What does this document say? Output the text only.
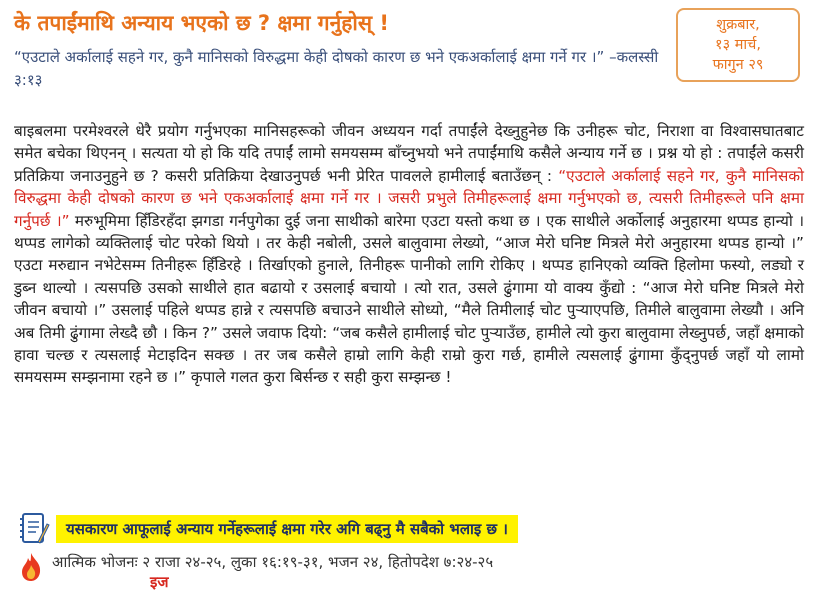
के तपाईंमाथि अन्याय भएको छ ? क्षमा गर्नुहोस् !	शुक्रबार,
१३ मार्च,
फागुन २९
“एउटाले अर्कालाई सहने गर, कुनै मानिसको विरुद्धमा केही दोषको कारण छ भने एकअर्कालाई क्षमा गर्ने गर ।” –कलस्सी ३:१३
बाइबलमा परमेश्वरले धेरै प्रयोग गर्नुभएका मानिसहरूको जीवन अध्ययन गर्दा तपाईंले देख्नुहुनेछ कि उनीहरू चोट, निराशा वा विश्वासघातबाट समेत बचेका थिएनन् । सत्यता यो हो कि यदि तपाईं लामो समयसम्म बाँच्नुभयो भने तपाईंमाथि कसैले अन्याय गर्ने छ । प्रश्न यो हो : तपाईंले कसरी प्रतिक्रिया जनाउनुहुने छ ? कसरी प्रतिक्रिया देखाउनुपर्छ भनी प्रेरित पावलले हामीलाई बताउँछन् : “एउटाले अर्कालाई सहने गर, कुनै मानिसको विरुद्धमा केही दोषको कारण छ भने एकअर्कालाई क्षमा गर्ने गर । जसरी प्रभुले तिमीहरूलाई क्षमा गर्नुभएको छ, त्यसरी तिमीहरूले पनि क्षमा गर्नुपर्छ ।” मरुभूमिमा हिँडिरहँदा झगडा गर्नपुगेका दुई जना साथीको बारेमा एउटा यस्तो कथा छ । एक साथीले अर्कोलाई अनुहारमा थप्पड हान्यो । थप्पड लागेको व्यक्तिलाई चोट परेको थियो । तर केही नबोली, उसले बालुवामा लेख्यो, “आज मेरो घनिष्ट मित्रले मेरो अनुहारमा थप्पड हान्यो ।” एउटा मरुद्यान नभेटेसम्म तिनीहरू हिँडिरहे । तिर्खाएको हुनाले, तिनीहरू पानीको लागि रोकिए । थप्पड हानिएको व्यक्ति हिलोमा फस्यो, लड्यो र डुब्न थाल्यो । त्यसपछि उसको साथीले हात बढायो र उसलाई बचायो । त्यो रात, उसले ढुंगामा यो वाक्य कुँद्यो : “आज मेरो घनिष्ट मित्रले मेरो जीवन बचायो ।” उसलाई पहिले थप्पड हान्ने र त्यसपछि बचाउने साथीले सोध्यो, “मैले तिमीलाई चोट पुऱ्याएपछि, तिमीले बालुवामा लेख्यौ । अनि अब तिमी ढुंगामा लेख्दै छौ । किन ?” उसले जवाफ दियो: “जब कसैले हामीलाई चोट पुऱ्याउँछ, हामीले त्यो कुरा बालुवामा लेख्नुपर्छ, जहाँ क्षमाको हावा चल्छ र त्यसलाई मेटाइदिन सक्छ । तर जब कसैले हाम्रो लागि केही राम्रो कुरा गर्छ, हामीले त्यसलाई ढुंगामा कुँद्नुपर्छ जहाँ यो लामो समयसम्म सम्झनामा रहने छ ।” कृपाले गलत कुरा बिर्सन्छ र सही कुरा सम्झन्छ !
यसकारण आफूलाई अन्याय गर्नेहरूलाई क्षमा गरेर अगि बढ्नु मै सबैको भलाइ छ ।
आत्मिक भोजनः २ राजा २४-२५, लुका १६:१९-३१, भजन २४, हितोपदेश ७:२४-२५
इज
